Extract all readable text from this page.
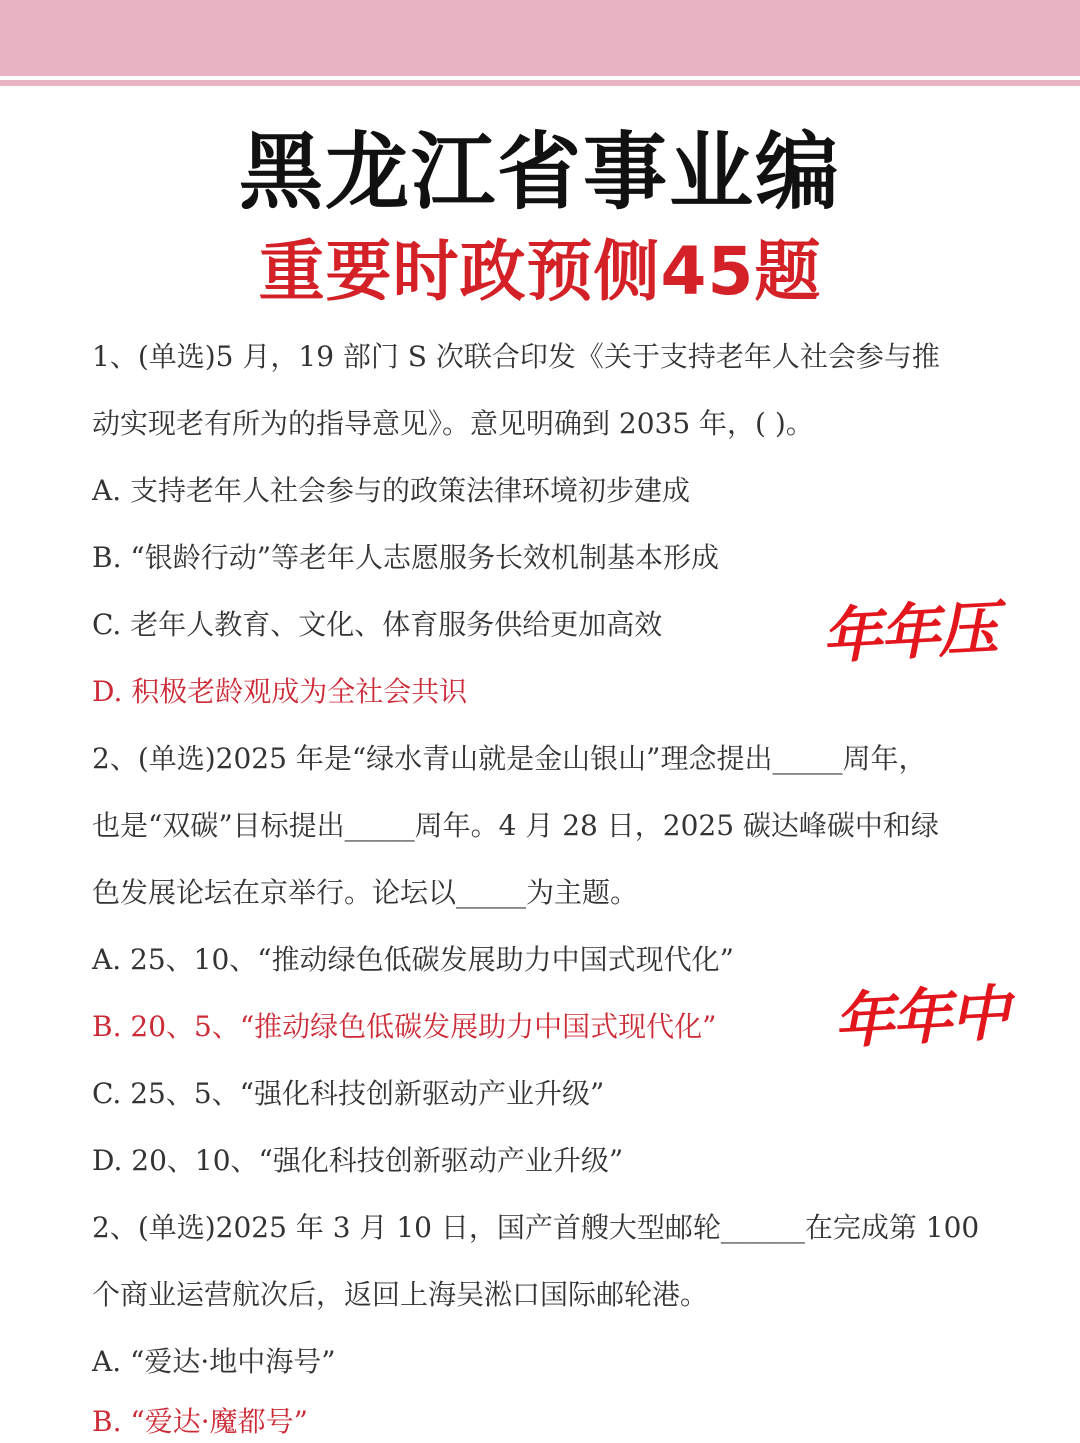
黑龙江省事业编
重要时政预侧45题
1、(单选)5 月，19 部门 S 次联合印发《关于支持老年人社会参与推
动实现老有所为的指导意见》。意见明确到 2035 年，( )。
A. 支持老年人社会参与的政策法律环境初步建成
B. “银龄行动”等老年人志愿服务长效机制基本形成
C. 老年人教育、文化、体育服务供给更加高效
D. 积极老龄观成为全社会共识
年年压
2、(单选)2025 年是“绿水青山就是金山银山”理念提出_____周年，
也是“双碳”目标提出_____周年。4 月 28 日，2025 碳达峰碳中和绿
色发展论坛在京举行。论坛以_____为主题。
A. 25、10、“推动绿色低碳发展助力中国式现代化”
B. 20、5、“推动绿色低碳发展助力中国式现代化”
C. 25、5、“强化科技创新驱动产业升级”
D. 20、10、“强化科技创新驱动产业升级”
年年中
2、(单选)2025 年 3 月 10 日，国产首艘大型邮轮______在完成第 100
个商业运营航次后，返回上海吴淞口国际邮轮港。
A. “爱达·地中海号”
B. “爱达·魔都号”
